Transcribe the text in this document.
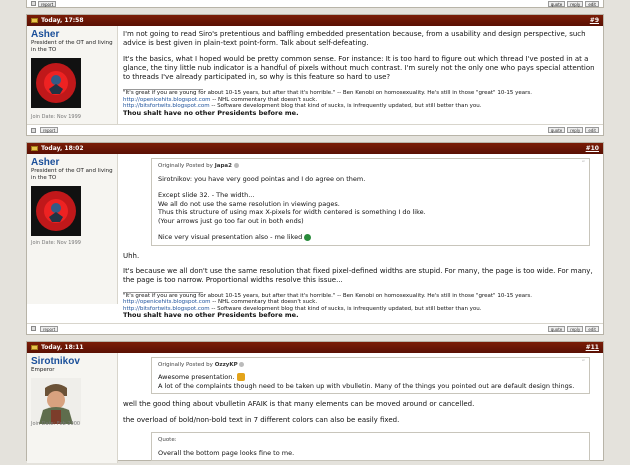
report	quote	reply	edit
Today, 17:58	#9
Asher
President of the OT and living in the TO
Join Date: Nov 1999

I'm not going to read Siro's pretentious and baffling embedded presentation because, from a usability and design perspective, such advice is best given in plain-text point-form. Talk about self-defeating.

It's the basics, what I hoped would be pretty common sense. For instance: It is too hard to figure out which thread I've posted in at a glance, the tiny little nub indicator is a handful of pixels without much contrast. I'm surely not the only one who pays special attention to threads I've already participated in, so why is this feature so hard to use?

"It's great if you are young for about 10-15 years, but after that it's horrible." -- Ben Kenobi on homosexuality. He's still in those "great" 10-15 years.
http://openicehits.blogspot.com -- NHL commentary that doesn't suck.
http://bitsfortwits.blogspot.com -- Software development blog that kind of sucks, is infrequently updated, but still better than you.
Thou shalt have no other Presidents before me.
report	quote	reply	edit
Today, 18:02	#10
Asher
President of the OT and living in the TO
Join Date: Nov 1999
”
Originally Posted by Japa2
Sirotnikov: you have very good pointas and I do agree on them.
Except slide 32. - The width...
We all do not use the same resolution in viewing pages.
Thus this structure of using max X-pixels for width centered is something I do like.
(Your arrows just go too far out in both ends)
Nice very visual presentation also - me liked

Uhh.

It's because we all don't use the same resolution that fixed pixel-defined widths are stupid. For many, the page is too wide. For many, the page is too narrow. Proportional widths resolve this issue...

"It's great if you are young for about 10-15 years, but after that it's horrible." -- Ben Kenobi on homosexuality. He's still in those "great" 10-15 years.
http://openicehits.blogspot.com -- NHL commentary that doesn't suck.
http://bitsfortwits.blogspot.com -- Software development blog that kind of sucks, is infrequently updated, but still better than you.
Thou shalt have no other Presidents before me.
report	quote	reply	edit
Today, 18:11	#11
Sirotnikov
Emperor
Join Date: Feb 2000
”
Originally Posted by OzzyKP
Awesome presentation.
A lot of the complaints though need to be taken up with vbulletin. Many of the things you pointed out are default design things.

well the good thing about vbulletin AFAIK is that many elements can be moved around or cancelled.

the overload of bold/non-bold text in 7 different colors can also be easily fixed.

Quote:
Overall the bottom page looks fine to me.
